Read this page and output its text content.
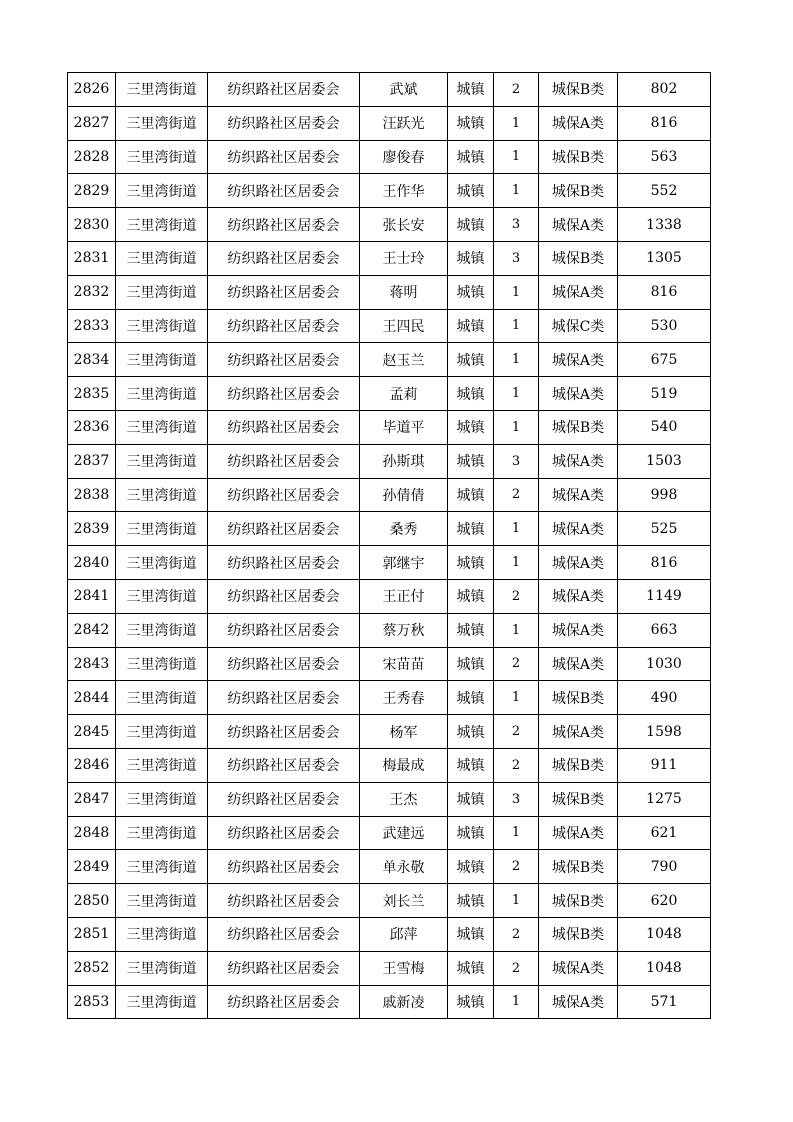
2826	三里湾街道	纺织路社区居委会	武斌	城镇	2	城保B类	802
2827	三里湾街道	纺织路社区居委会	汪跃光	城镇	1	城保A类	816
2828	三里湾街道	纺织路社区居委会	廖俊春	城镇	1	城保B类	563
2829	三里湾街道	纺织路社区居委会	王作华	城镇	1	城保B类	552
2830	三里湾街道	纺织路社区居委会	张长安	城镇	3	城保A类	1338
2831	三里湾街道	纺织路社区居委会	王士玲	城镇	3	城保B类	1305
2832	三里湾街道	纺织路社区居委会	蒋明	城镇	1	城保A类	816
2833	三里湾街道	纺织路社区居委会	王四民	城镇	1	城保C类	530
2834	三里湾街道	纺织路社区居委会	赵玉兰	城镇	1	城保A类	675
2835	三里湾街道	纺织路社区居委会	孟莉	城镇	1	城保A类	519
2836	三里湾街道	纺织路社区居委会	毕道平	城镇	1	城保B类	540
2837	三里湾街道	纺织路社区居委会	孙斯琪	城镇	3	城保A类	1503
2838	三里湾街道	纺织路社区居委会	孙倩倩	城镇	2	城保A类	998
2839	三里湾街道	纺织路社区居委会	桑秀	城镇	1	城保A类	525
2840	三里湾街道	纺织路社区居委会	郭继宇	城镇	1	城保A类	816
2841	三里湾街道	纺织路社区居委会	王正付	城镇	2	城保A类	1149
2842	三里湾街道	纺织路社区居委会	蔡万秋	城镇	1	城保A类	663
2843	三里湾街道	纺织路社区居委会	宋苗苗	城镇	2	城保A类	1030
2844	三里湾街道	纺织路社区居委会	王秀春	城镇	1	城保B类	490
2845	三里湾街道	纺织路社区居委会	杨军	城镇	2	城保A类	1598
2846	三里湾街道	纺织路社区居委会	梅最成	城镇	2	城保B类	911
2847	三里湾街道	纺织路社区居委会	王杰	城镇	3	城保B类	1275
2848	三里湾街道	纺织路社区居委会	武建远	城镇	1	城保A类	621
2849	三里湾街道	纺织路社区居委会	单永敬	城镇	2	城保B类	790
2850	三里湾街道	纺织路社区居委会	刘长兰	城镇	1	城保B类	620
2851	三里湾街道	纺织路社区居委会	邱萍	城镇	2	城保B类	1048
2852	三里湾街道	纺织路社区居委会	王雪梅	城镇	2	城保A类	1048
2853	三里湾街道	纺织路社区居委会	戚新凌	城镇	1	城保A类	571
